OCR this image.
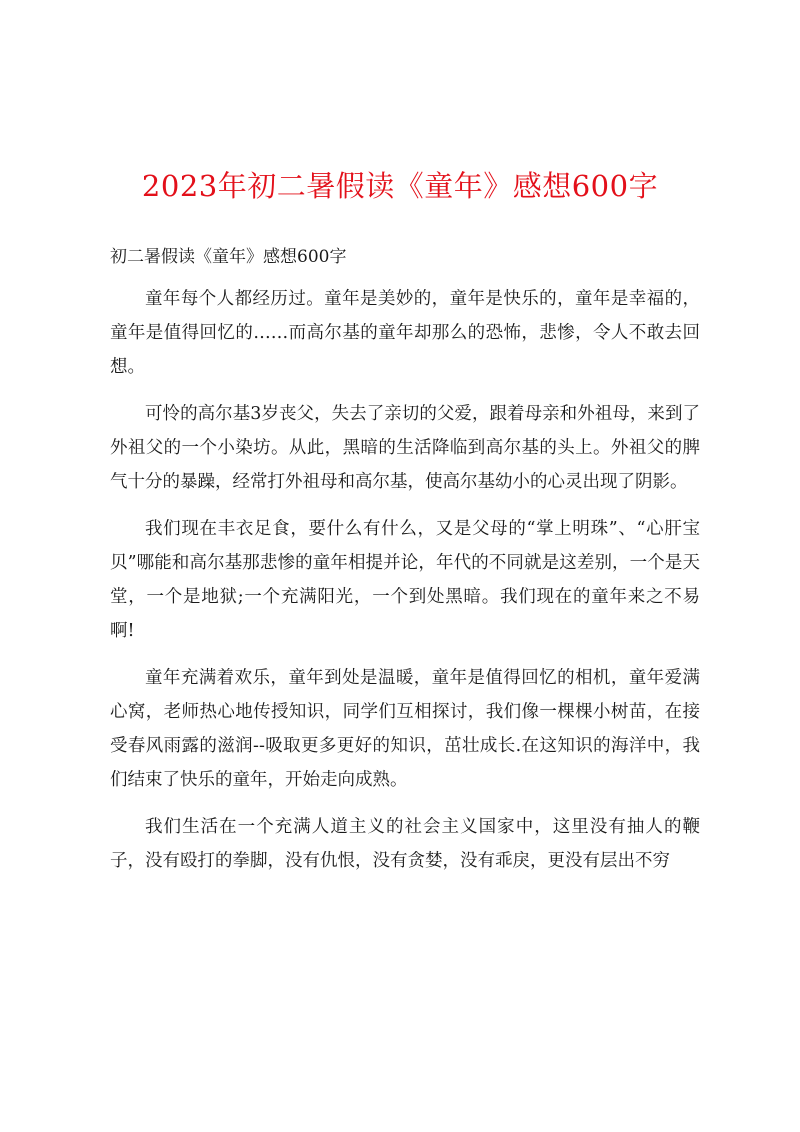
2023年初二暑假读《童年》感想600字
初二暑假读《童年》感想600字

童年每个人都经历过。童年是美妙的，童年是快乐的，童年是幸福的，童年是值得回忆的……而高尔基的童年却那么的恐怖，悲惨，令人不敢去回想。

可怜的高尔基3岁丧父，失去了亲切的父爱，跟着母亲和外祖母，来到了外祖父的一个小染坊。从此，黑暗的生活降临到高尔基的头上。外祖父的脾气十分的暴躁，经常打外祖母和高尔基，使高尔基幼小的心灵出现了阴影。

我们现在丰衣足食，要什么有什么，又是父母的“掌上明珠”、“心肝宝贝”哪能和高尔基那悲惨的童年相提并论，年代的不同就是这差别，一个是天堂，一个是地狱;一个充满阳光，一个到处黑暗。我们现在的童年来之不易啊!

童年充满着欢乐，童年到处是温暖，童年是值得回忆的相机，童年爱满心窝，老师热心地传授知识，同学们互相探讨，我们像一棵棵小树苗，在接受春风雨露的滋润--吸取更多更好的知识，茁壮成长.在这知识的海洋中，我们结束了快乐的童年，开始走向成熟。

我们生活在一个充满人道主义的社会主义国家中，这里没有抽人的鞭子，没有殴打的拳脚，没有仇恨，没有贪婪，没有乖戾，更没有层出不穷
